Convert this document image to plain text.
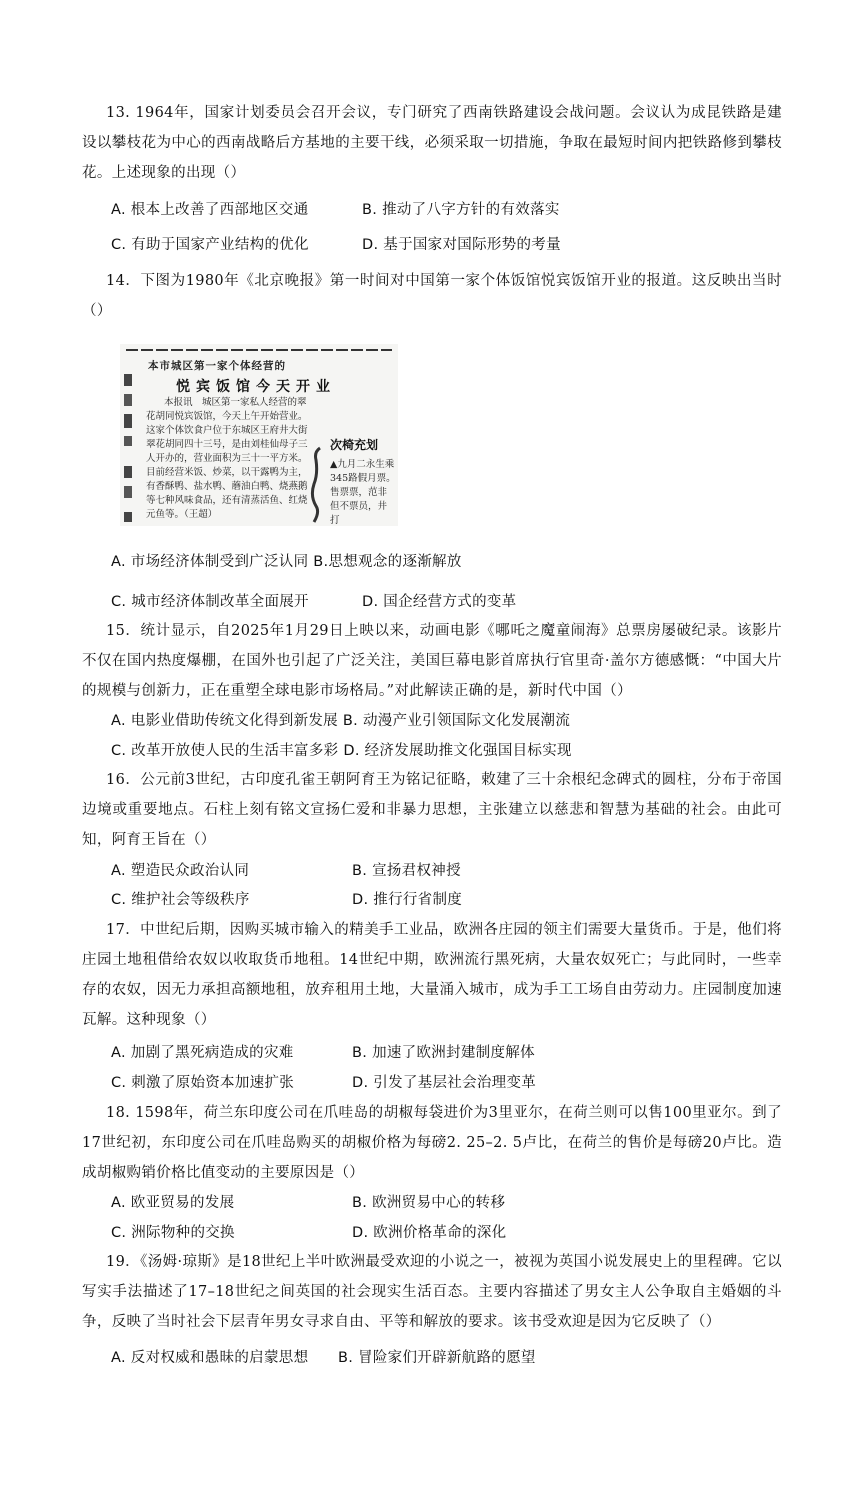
13. 1964年，国家计划委员会召开会议，专门研究了西南铁路建设会战问题。会议认为成昆铁路是建设以攀枝花为中心的西南战略后方基地的主要干线，必须采取一切措施，争取在最短时间内把铁路修到攀枝花。上述现象的出现（）

A. 根本上改善了西部地区交通	B. 推动了八字方针的有效落实
C. 有助于国家产业结构的优化	D. 基于国家对国际形势的考量

14．下图为1980年《北京晚报》第一时间对中国第一家个体饭馆悦宾饭馆开业的报道。这反映出当时（）

本市城区第一家个体经营的
悦宾饭馆今天开业
本报讯　城区第一家私人经营的翠花胡同悦宾饭馆，今天上午开始营业。这家个体饮食户位于东城区王府井大街翠花胡同四十三号，是由刘桂仙母子三人开办的，营业面积为三十一平方米。目前经营米饭、炒菜，以干露鸭为主，有香酥鸭、盐水鸭、蘑油白鸭、烧燕鹅等七种风味食品，还有清蒸活鱼、红烧元鱼等。（王超）
次椅充划
▲九月二永生乘345路假月票。售票票，范非但不票员，井打
A. 市场经济体制受到广泛认同 B.思想观念的逐渐解放
C. 城市经济体制改革全面展开	D. 国企经营方式的变革

15．统计显示，自2025年1月29日上映以来，动画电影《哪吒之魔童闹海》总票房屡破纪录。该影片不仅在国内热度爆棚，在国外也引起了广泛关注，美国巨幕电影首席执行官里奇·盖尔方德感慨：“中国大片的规模与创新力，正在重塑全球电影市场格局。”对此解读正确的是，新时代中国（）

A. 电影业借助传统文化得到新发展 B. 动漫产业引领国际文化发展潮流
C. 改革开放使人民的生活丰富多彩 D. 经济发展助推文化强国目标实现

16．公元前3世纪，古印度孔雀王朝阿育王为铭记征略，敕建了三十余根纪念碑式的圆柱，分布于帝国边境或重要地点。石柱上刻有铭文宣扬仁爱和非暴力思想，主张建立以慈悲和智慧为基础的社会。由此可知，阿育王旨在（）

A. 塑造民众政治认同	B. 宣扬君权神授
C. 维护社会等级秩序	D. 推行行省制度

17．中世纪后期，因购买城市输入的精美手工业品，欧洲各庄园的领主们需要大量货币。于是，他们将庄园土地租借给农奴以收取货币地租。14世纪中期，欧洲流行黑死病，大量农奴死亡；与此同时，一些幸存的农奴，因无力承担高额地租，放弃租用土地，大量涌入城市，成为手工工场自由劳动力。庄园制度加速瓦解。这种现象（）

A. 加剧了黑死病造成的灾难	B. 加速了欧洲封建制度解体
C. 刺激了原始资本加速扩张	D. 引发了基层社会治理变革

18. 1598年，荷兰东印度公司在爪哇岛的胡椒每袋进价为3里亚尔，在荷兰则可以售100里亚尔。到了17世纪初，东印度公司在爪哇岛购买的胡椒价格为每磅2. 25–2. 5卢比，在荷兰的售价是每磅20卢比。造成胡椒购销价格比值变动的主要原因是（）

A. 欧亚贸易的发展	B. 欧洲贸易中心的转移
C. 洲际物种的交换	D. 欧洲价格革命的深化

19．《汤姆·琼斯》是18世纪上半叶欧洲最受欢迎的小说之一，被视为英国小说发展史上的里程碑。它以写实手法描述了17–18世纪之间英国的社会现实生活百态。主要内容描述了男女主人公争取自主婚姻的斗争，反映了当时社会下层青年男女寻求自由、平等和解放的要求。该书受欢迎是因为它反映了（）

A. 反对权威和愚昧的启蒙思想 B. 冒险家们开辟新航路的愿望
